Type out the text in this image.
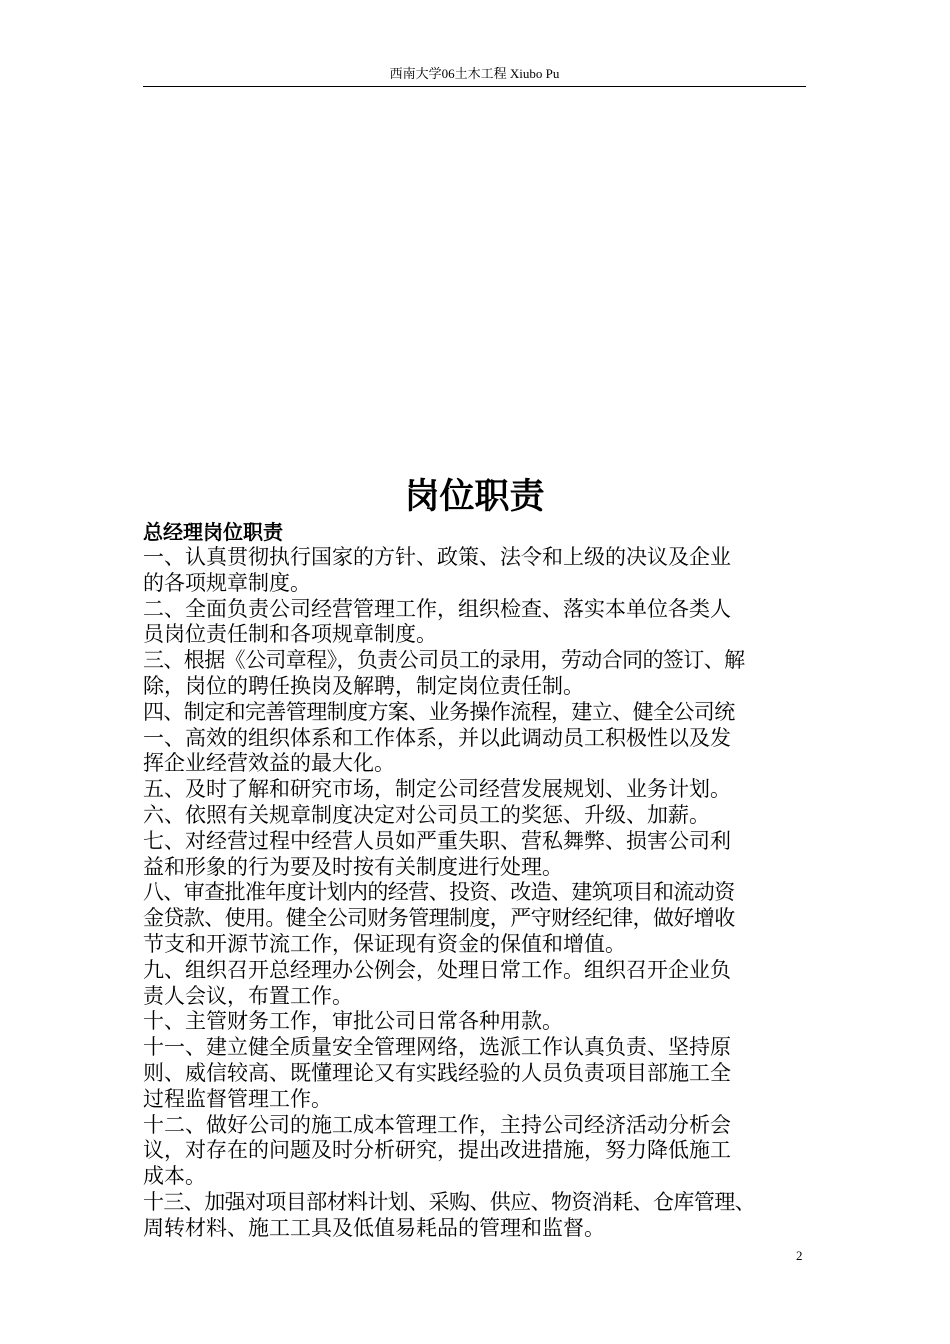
西南大学06土木工程 Xiubo Pu
岗位职责
总经理岗位职责
一、认真贯彻执行国家的方针、政策、法令和上级的决议及企业
的各项规章制度。
二、全面负责公司经营管理工作，组织检查、落实本单位各类人
员岗位责任制和各项规章制度。
三、根据《公司章程》，负责公司员工的录用，劳动合同的签订、解
除，岗位的聘任换岗及解聘，制定岗位责任制。
四、制定和完善管理制度方案、业务操作流程，建立、健全公司统
一、高效的组织体系和工作体系，并以此调动员工积极性以及发
挥企业经营效益的最大化。
五、及时了解和研究市场，制定公司经营发展规划、业务计划。
六、依照有关规章制度决定对公司员工的奖惩、升级、加薪。
七、对经营过程中经营人员如严重失职、营私舞弊、损害公司利
益和形象的行为要及时按有关制度进行处理。
八、审查批准年度计划内的经营、投资、改造、建筑项目和流动资
金贷款、使用。健全公司财务管理制度，严守财经纪律，做好增收
节支和开源节流工作，保证现有资金的保值和增值。
九、组织召开总经理办公例会，处理日常工作。组织召开企业负
责人会议，布置工作。
十、主管财务工作，审批公司日常各种用款。
十一、建立健全质量安全管理网络，选派工作认真负责、坚持原
则、威信较高、既懂理论又有实践经验的人员负责项目部施工全
过程监督管理工作。
十二、做好公司的施工成本管理工作，主持公司经济活动分析会
议，对存在的问题及时分析研究，提出改进措施，努力降低施工
成本。
十三、加强对项目部材料计划、采购、供应、物资消耗、仓库管理、
周转材料、施工工具及低值易耗品的管理和监督。
2
